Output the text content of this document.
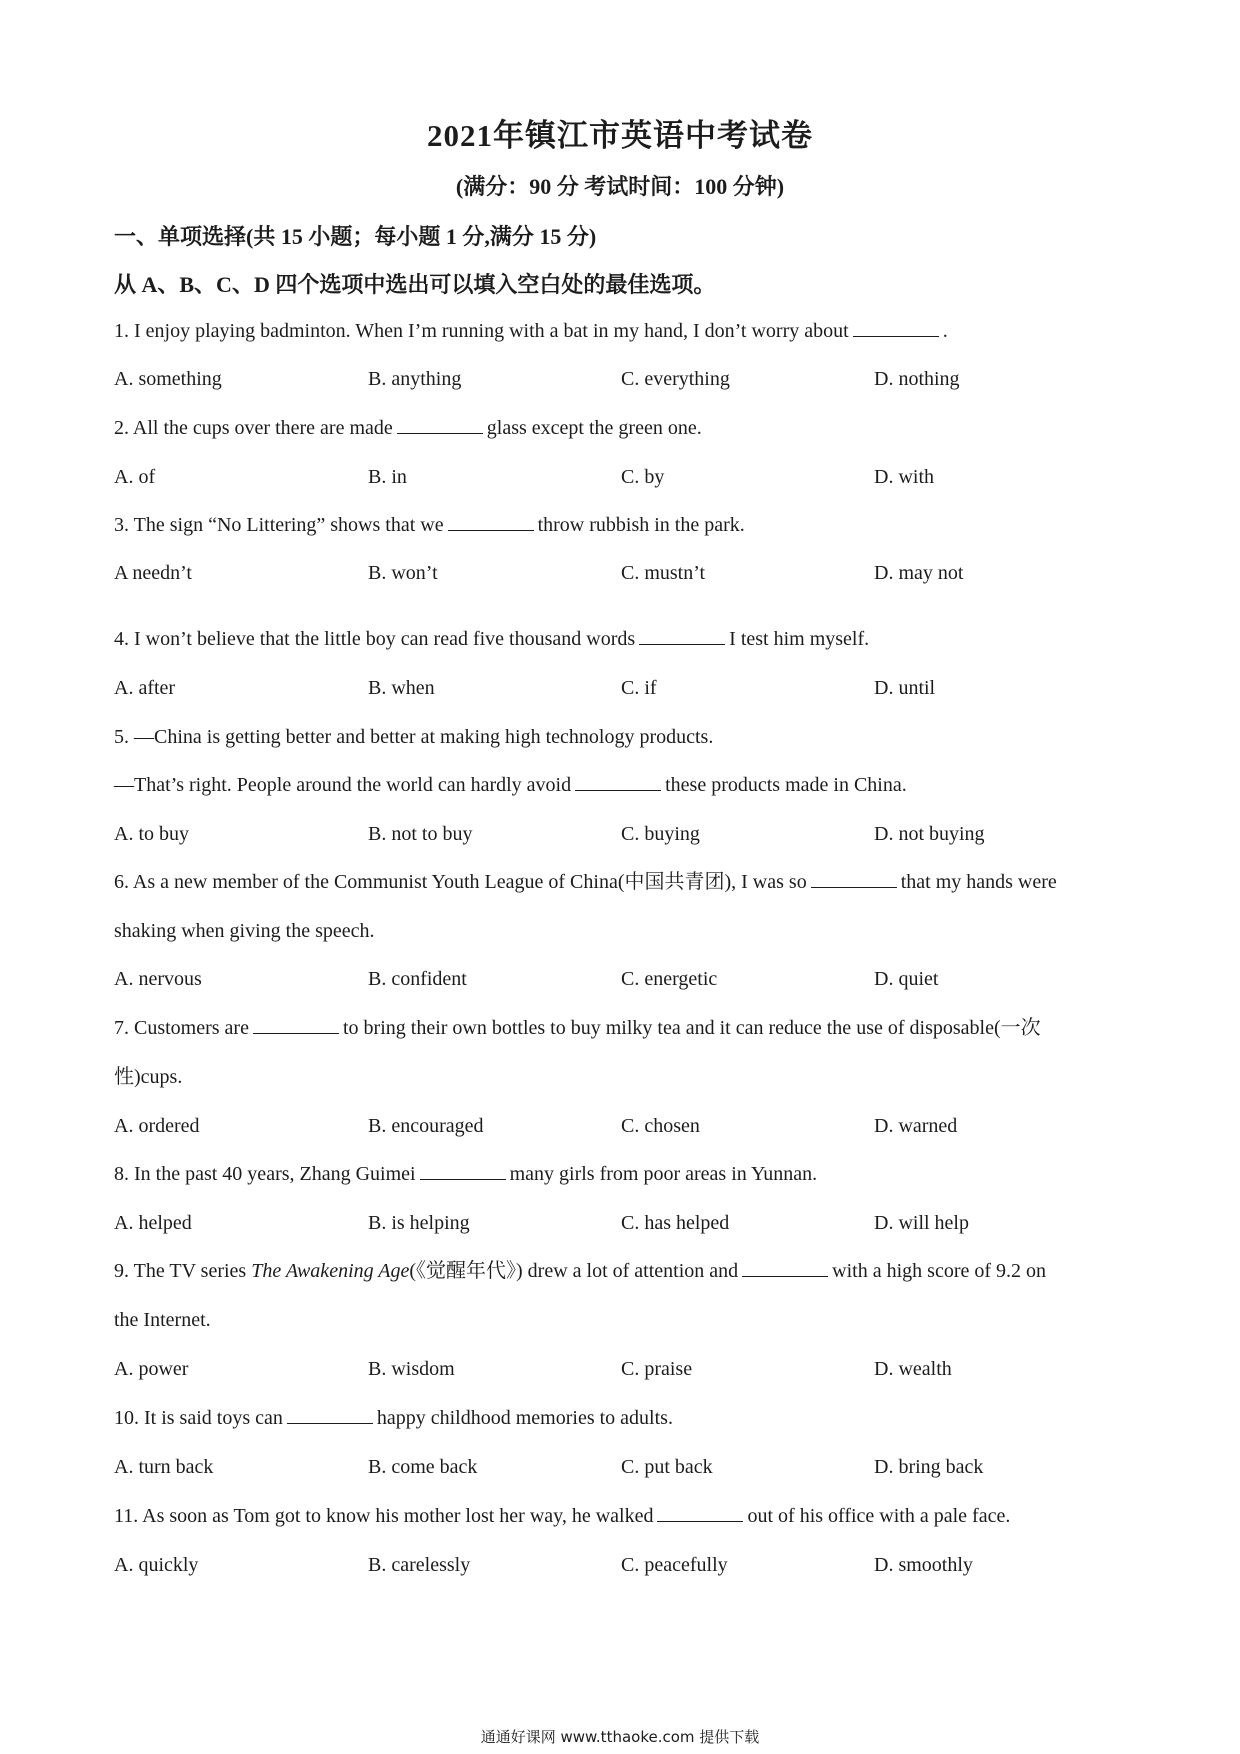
2021年镇江市英语中考试卷
(满分：90 分 考试时间：100 分钟)
一、单项选择(共 15 小题；每小题 1 分,满分 15 分)
从 A、B、C、D 四个选项中选出可以填入空白处的最佳选项。
1. I enjoy playing badminton. When I’m running with a bat in my hand, I don’t worry about	.
A. something	B. anything	C. everything	D. nothing
2. All the cups over there are made	glass except the green one.
A. of	B. in	C. by	D. with
3. The sign “No Littering” shows that we	throw rubbish in the park.
A needn’t	B. won’t	C. mustn’t	D. may not
4. I won’t believe that the little boy can read five thousand words	I test him myself.
A. after	B. when	C. if	D. until
5. —China is getting better and better at making high technology products.
—That’s right. People around the world can hardly avoid	these products made in China.
A. to buy	B. not to buy	C. buying	D. not buying
6. As a new member of the Communist Youth League of China(中国共青团), I was so	that my hands were
shaking when giving the speech.
A. nervous	B. confident	C. energetic	D. quiet
7. Customers are	to bring their own bottles to buy milky tea and it can reduce the use of disposable(一次
性)cups.
A. ordered	B. encouraged	C. chosen	D. warned
8. In the past 40 years, Zhang Guimei	many girls from poor areas in Yunnan.
A. helped	B. is helping	C. has helped	D. will help
9. The TV series The Awakening Age(《觉醒年代》) drew a lot of attention and	with a high score of 9.2 on
the Internet.
A. power	B. wisdom	C. praise	D. wealth
10. It is said toys can	happy childhood memories to adults.
A. turn back	B. come back	C. put back	D. bring back
11. As soon as Tom got to know his mother lost her way, he walked	out of his office with a pale face.
A. quickly	B. carelessly	C. peacefully	D. smoothly
通通好课网 www.tthaoke.com 提供下载
